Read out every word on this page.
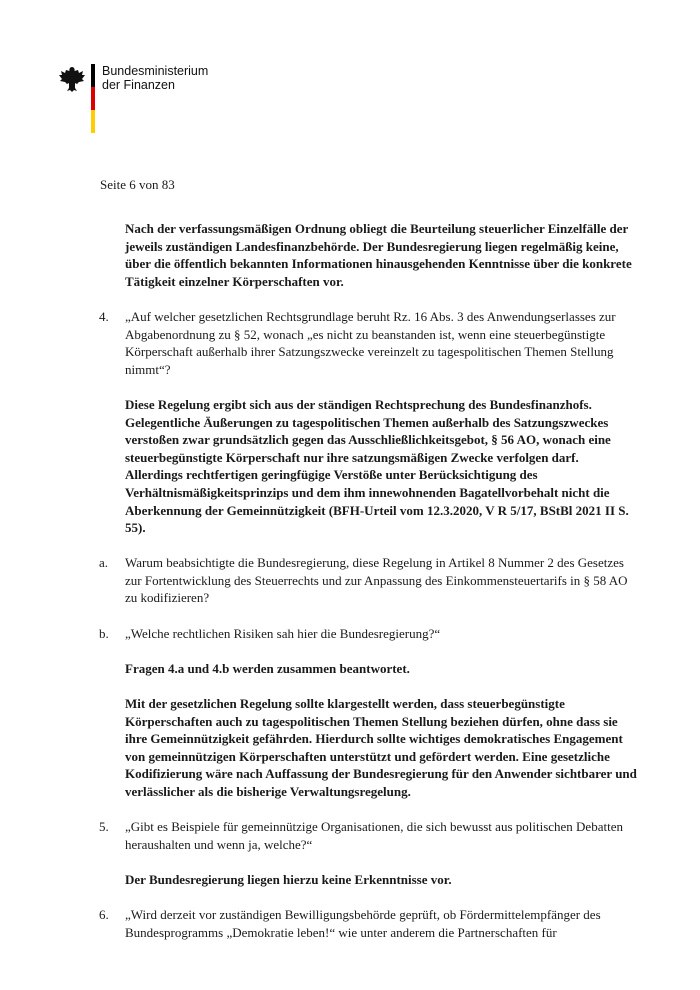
Bundesministerium
der Finanzen
Seite 6 von 83

Nach der verfassungsmäßigen Ordnung obliegt die Beurteilung steuerlicher Einzelfälle der jeweils zuständigen Landesfinanzbehörde. Der Bundesregierung liegen regelmäßig keine, über die öffentlich bekannten Informationen hinausgehenden Kenntnisse über die konkrete Tätigkeit einzelner Körperschaften vor.

4. „Auf welcher gesetzlichen Rechtsgrundlage beruht Rz. 16 Abs. 3 des Anwendungserlasses zur Abgabenordnung zu § 52, wonach „es nicht zu beanstanden ist, wenn eine steuerbegünstigte Körperschaft außerhalb ihrer Satzungszwecke vereinzelt zu tagespolitischen Themen Stellung nimmt“?

Diese Regelung ergibt sich aus der ständigen Rechtsprechung des Bundesfinanzhofs. Gelegentliche Äußerungen zu tagespolitischen Themen außerhalb des Satzungszweckes verstoßen zwar grundsätzlich gegen das Ausschließlichkeitsgebot, § 56 AO, wonach eine steuerbegünstigte Körperschaft nur ihre satzungsmäßigen Zwecke verfolgen darf. Allerdings rechtfertigen geringfügige Verstöße unter Berücksichtigung des Verhältnismäßigkeitsprinzips und dem ihm innewohnenden Bagatellvorbehalt nicht die Aberkennung der Gemeinnützigkeit (BFH-Urteil vom 12.3.2020, V R 5/17, BStBl 2021 II S. 55).

a. Warum beabsichtigte die Bundesregierung, diese Regelung in Artikel 8 Nummer 2 des Gesetzes zur Fortentwicklung des Steuerrechts und zur Anpassung des Einkommensteuertarifs in § 58 AO zu kodifizieren?
b. „Welche rechtlichen Risiken sah hier die Bundesregierung?“

Fragen 4.a und 4.b werden zusammen beantwortet.

Mit der gesetzlichen Regelung sollte klargestellt werden, dass steuerbegünstigte Körperschaften auch zu tagespolitischen Themen Stellung beziehen dürfen, ohne dass sie ihre Gemeinnützigkeit gefährden. Hierdurch sollte wichtiges demokratisches Engagement von gemeinnützigen Körperschaften unterstützt und gefördert werden. Eine gesetzliche Kodifizierung wäre nach Auffassung der Bundesregierung für den Anwender sichtbarer und verlässlicher als die bisherige Verwaltungsregelung.

5. „Gibt es Beispiele für gemeinnützige Organisationen, die sich bewusst aus politischen Debatten heraushalten und wenn ja, welche?“

Der Bundesregierung liegen hierzu keine Erkenntnisse vor.

6. „Wird derzeit vor zuständigen Bewilligungsbehörde geprüft, ob Fördermittelempfänger des Bundesprogramms „Demokratie leben!“ wie unter anderem die Partnerschaften für
